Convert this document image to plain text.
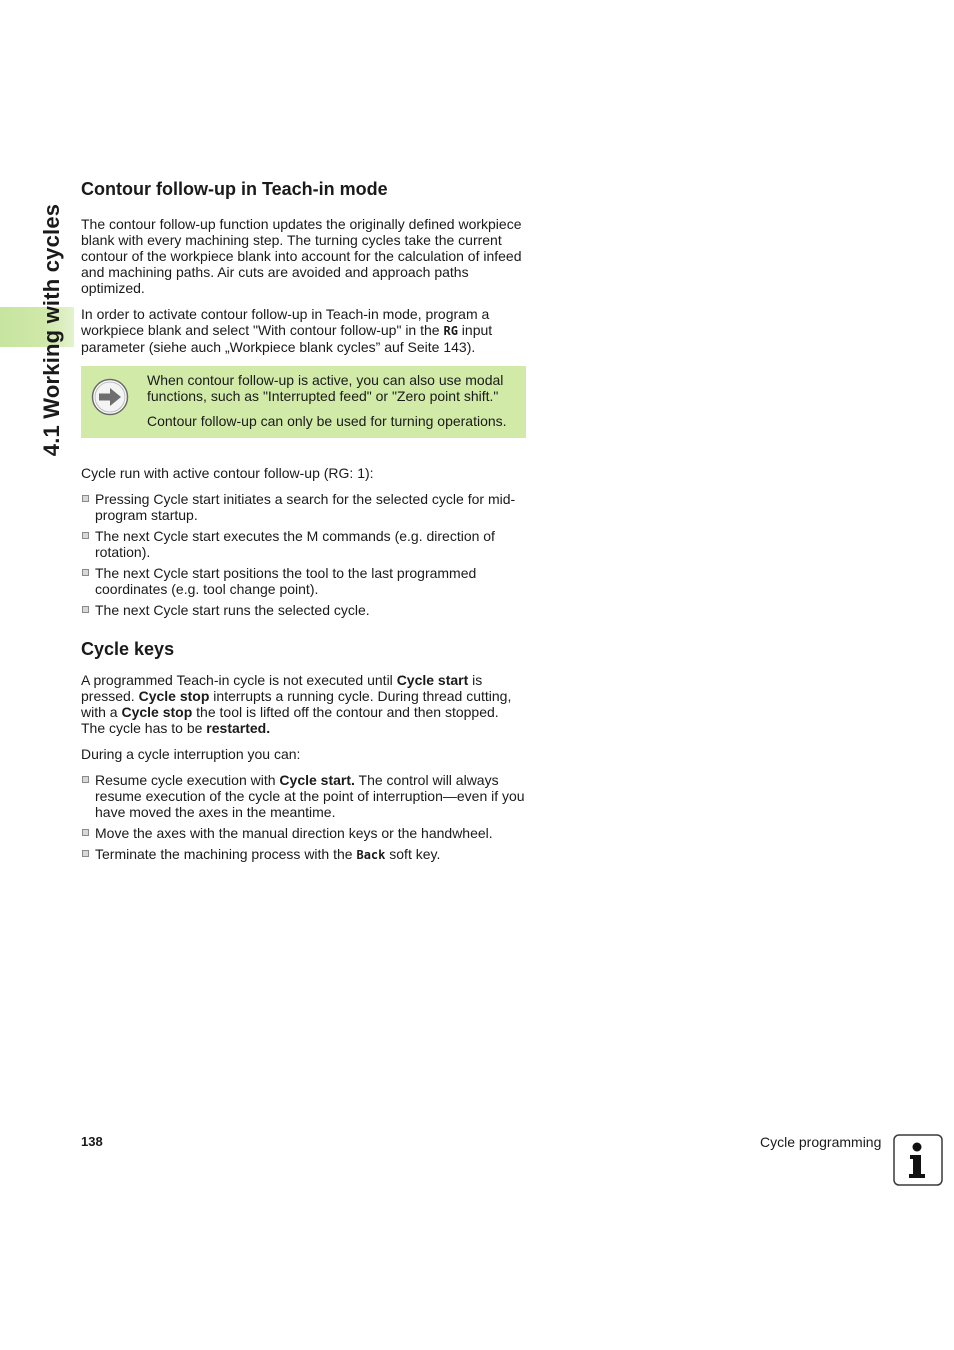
4.1 Working with cycles
Contour follow-up in Teach-in mode

The contour follow-up function updates the originally defined workpiece blank with every machining step. The turning cycles take the current contour of the workpiece blank into account for the calculation of infeed and machining paths. Air cuts are avoided and approach paths optimized.

In order to activate contour follow-up in Teach-in mode, program a workpiece blank and select "With contour follow-up" in the RG input parameter (siehe auch „Workpiece blank cycles” auf Seite 143).

Cycle run with active contour follow-up (RG: 1):

Pressing Cycle start initiates a search for the selected cycle for mid-program startup.
The next Cycle start executes the M commands (e.g. direction of rotation).
The next Cycle start positions the tool to the last programmed coordinates (e.g. tool change point).
The next Cycle start runs the selected cycle.
Cycle keys

A programmed Teach-in cycle is not executed until Cycle start is pressed. Cycle stop interrupts a running cycle. During thread cutting, with a Cycle stop the tool is lifted off the contour and then stopped. The cycle has to be restarted.

During a cycle interruption you can:

Resume cycle execution with Cycle start. The control will always resume execution of the cycle at the point of interruption—even if you have moved the axes in the meantime.
Move the axes with the manual direction keys or the handwheel.
Terminate the machining process with the Back soft key.

When contour follow-up is active, you can also use modal functions, such as "Interrupted feed" or "Zero point shift."

Contour follow-up can only be used for turning operations.

138	Cycle programming
